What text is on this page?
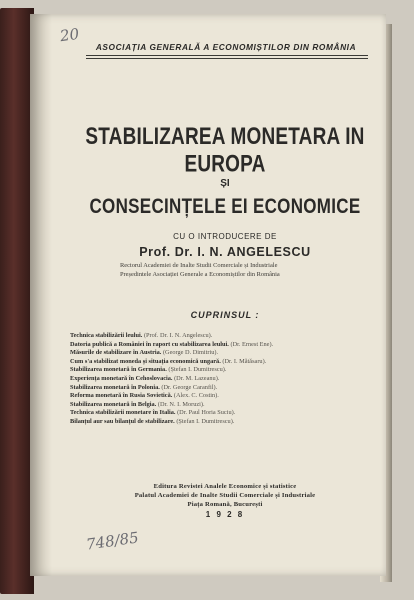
20
ASOCIAȚIA GENERALĂ A ECONOMIȘTILOR DIN ROMÂNIA
STABILIZAREA MONETARA IN EUROPA
ȘI
CONSECINȚELE EI ECONOMICE
CU O INTRODUCERE DE
Prof. Dr. I. N. ANGELESCU
Rectorul Academiei de Inalte Studii Comerciale și Industriale
Președintele Asociației Generale a Economiștilor din România
CUPRINSUL :
Technica stabilizării leului. (Prof. Dr. I. N. Angelescu).
Datoria publică a României în raport cu stabilizarea leului. (Dr. Ernest Ene).
Măsurile de stabilizare în Austria. (George D. Dimitriu).
Cum s'a stabilizat moneda și situația economică ungară. (Dr. I. Mătăsaru).
Stabilizarea monetară în Germania. (Ștefan I. Dumitrescu).
Experiența monetară în Cehoslovacia. (Dr. M. Lazeanu).
Stabilizarea monetară în Polonia. (Dr. George Caranfil).
Reforma monetară în Rusia Sovietică. (Alex. C. Costin).
Stabilizarea monetară în Belgia. (Dr. N. I. Moruzi).
Technica stabilizării monetare în Italia. (Dr. Paul Horia Suciu).
Bilanțul aur sau bilanțul de stabilizare. (Ștefan I. Dumitrescu).
Editura Revistei Analele Economice și statistice
Palatul Academiei de Inalte Studii Comerciale și Industriale
Piața Romană, București
1 9 2 8
748/85
